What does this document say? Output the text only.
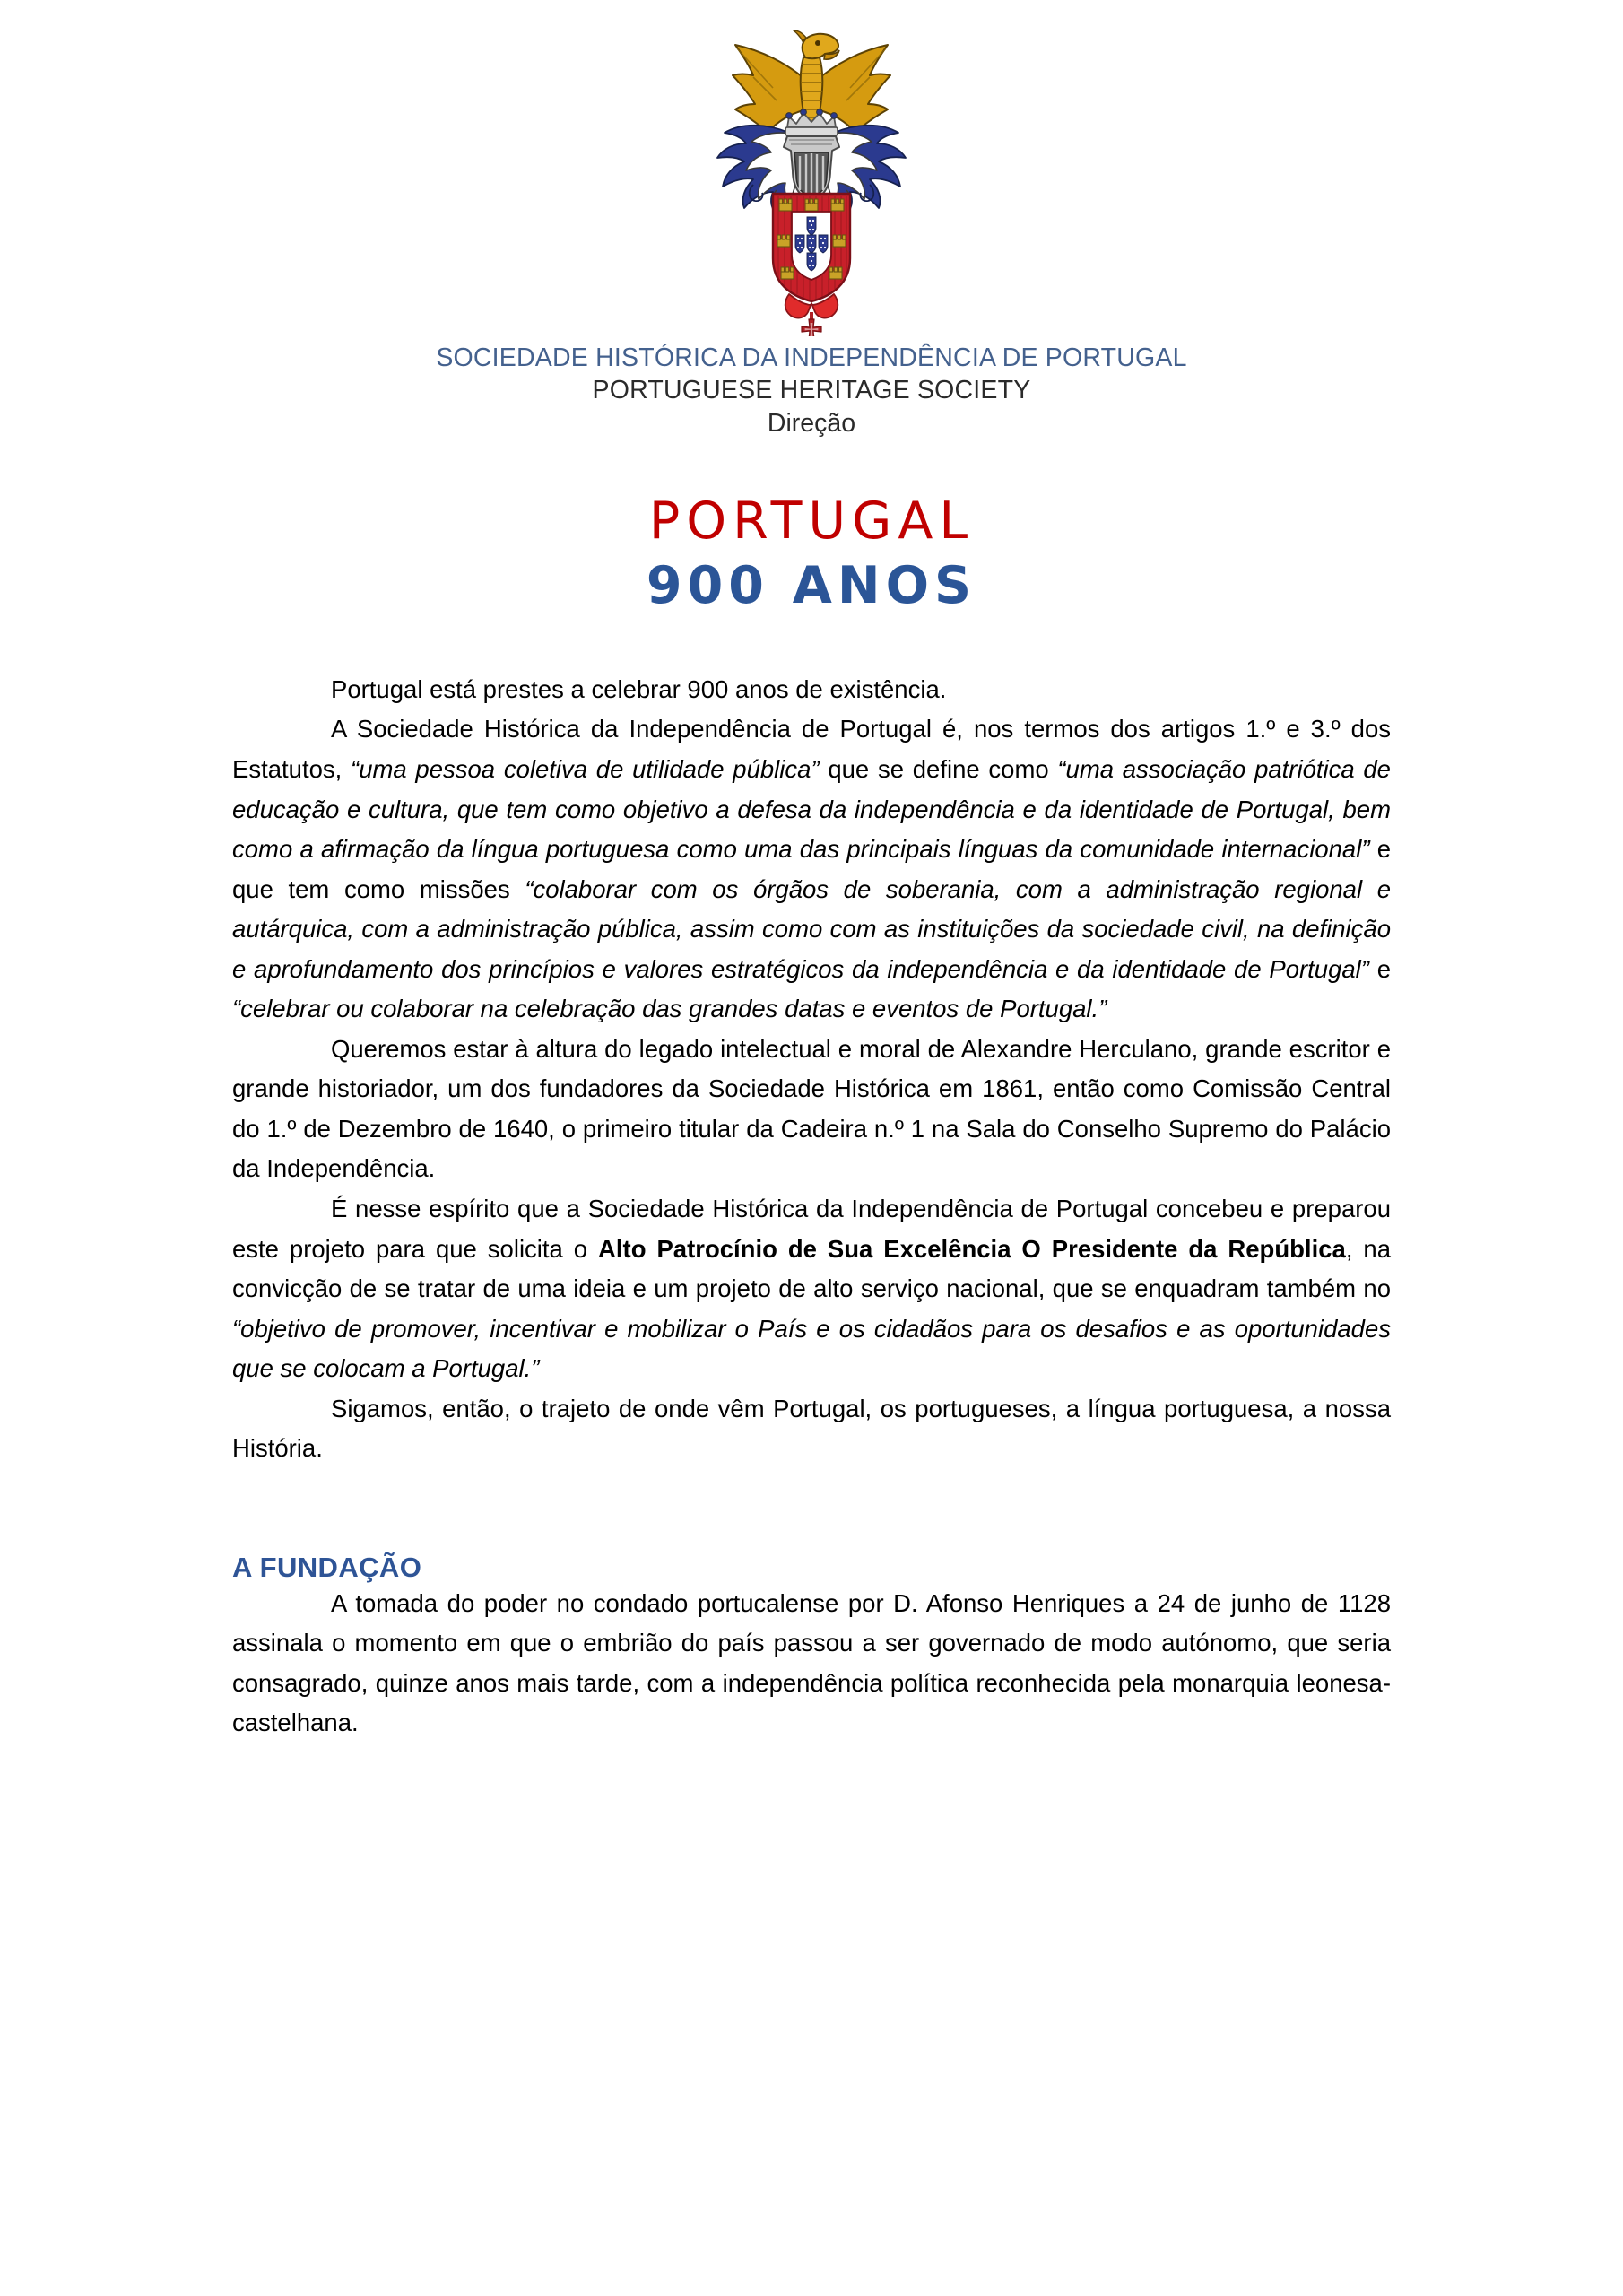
SOCIEDADE HISTÓRICA DA INDEPENDÊNCIA DE PORTUGAL
PORTUGUESE HERITAGE SOCIETY
Direção
PORTUGAL
900 ANOS

Portugal está prestes a celebrar 900 anos de existência.

A Sociedade Histórica da Independência de Portugal é, nos termos dos artigos 1.º e 3.º dos Estatutos, “uma pessoa coletiva de utilidade pública” que se define como “uma associação patriótica de educação e cultura, que tem como objetivo a defesa da independência e da identidade de Portugal, bem como a afirmação da língua portuguesa como uma das principais línguas da comunidade internacional” e que tem como missões “colaborar com os órgãos de soberania, com a administração regional e autárquica, com a administração pública, assim como com as instituições da sociedade civil, na definição e aprofundamento dos princípios e valores estratégicos da independência e da identidade de Portugal” e “celebrar ou colaborar na celebração das grandes datas e eventos de Portugal.”

Queremos estar à altura do legado intelectual e moral de Alexandre Herculano, grande escritor e grande historiador, um dos fundadores da Sociedade Histórica em 1861, então como Comissão Central do 1.º de Dezembro de 1640, o primeiro titular da Cadeira n.º 1 na Sala do Conselho Supremo do Palácio da Independência.

É nesse espírito que a Sociedade Histórica da Independência de Portugal concebeu e preparou este projeto para que solicita o Alto Patrocínio de Sua Excelência O Presidente da República, na convicção de se tratar de uma ideia e um projeto de alto serviço nacional, que se enquadram também no “objetivo de promover, incentivar e mobilizar o País e os cidadãos para os desafios e as oportunidades que se colocam a Portugal.”

Sigamos, então, o trajeto de onde vêm Portugal, os portugueses, a língua portuguesa, a nossa História.

A FUNDAÇÃO

A tomada do poder no condado portucalense por D. Afonso Henriques a 24 de junho de 1128 assinala o momento em que o embrião do país passou a ser governado de modo autónomo, que seria consagrado, quinze anos mais tarde, com a independência política reconhecida pela monarquia leonesa-castelhana.
